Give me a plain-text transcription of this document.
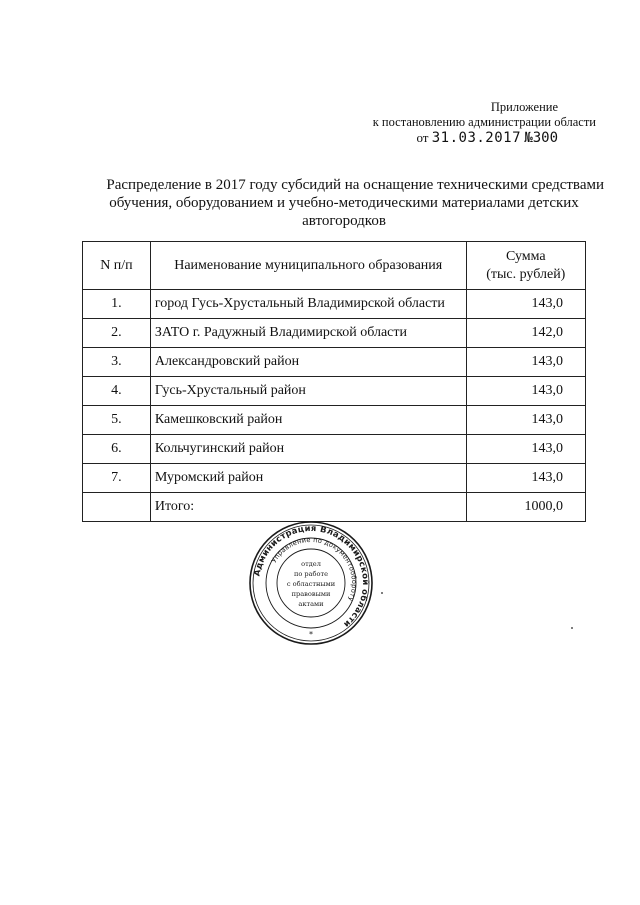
Приложение
к постановлению администрации области
от 31.03.2017 №300
Распределение в 2017 году субсидий на оснащение техническими средствами
обучения, оборудованием и учебно-методическими материалами детских
автогородков
N п/п	Наименование муниципального образования	Сумма
(тыс. рублей)
1.	город Гусь-Хрустальный Владимирской области	143,0
2.	ЗАТО г. Радужный Владимирской области	142,0
3.	Александровский район	143,0
4.	Гусь-Хрустальный район	143,0
5.	Камешковский район	143,0
6.	Кольчугинский район	143,0
7.	Муромский район	143,0
	Итого:	1000,0
Администрация Владимирской области
Управление по документообороту
отдел
по работе
с областными
правовыми
актами
*
